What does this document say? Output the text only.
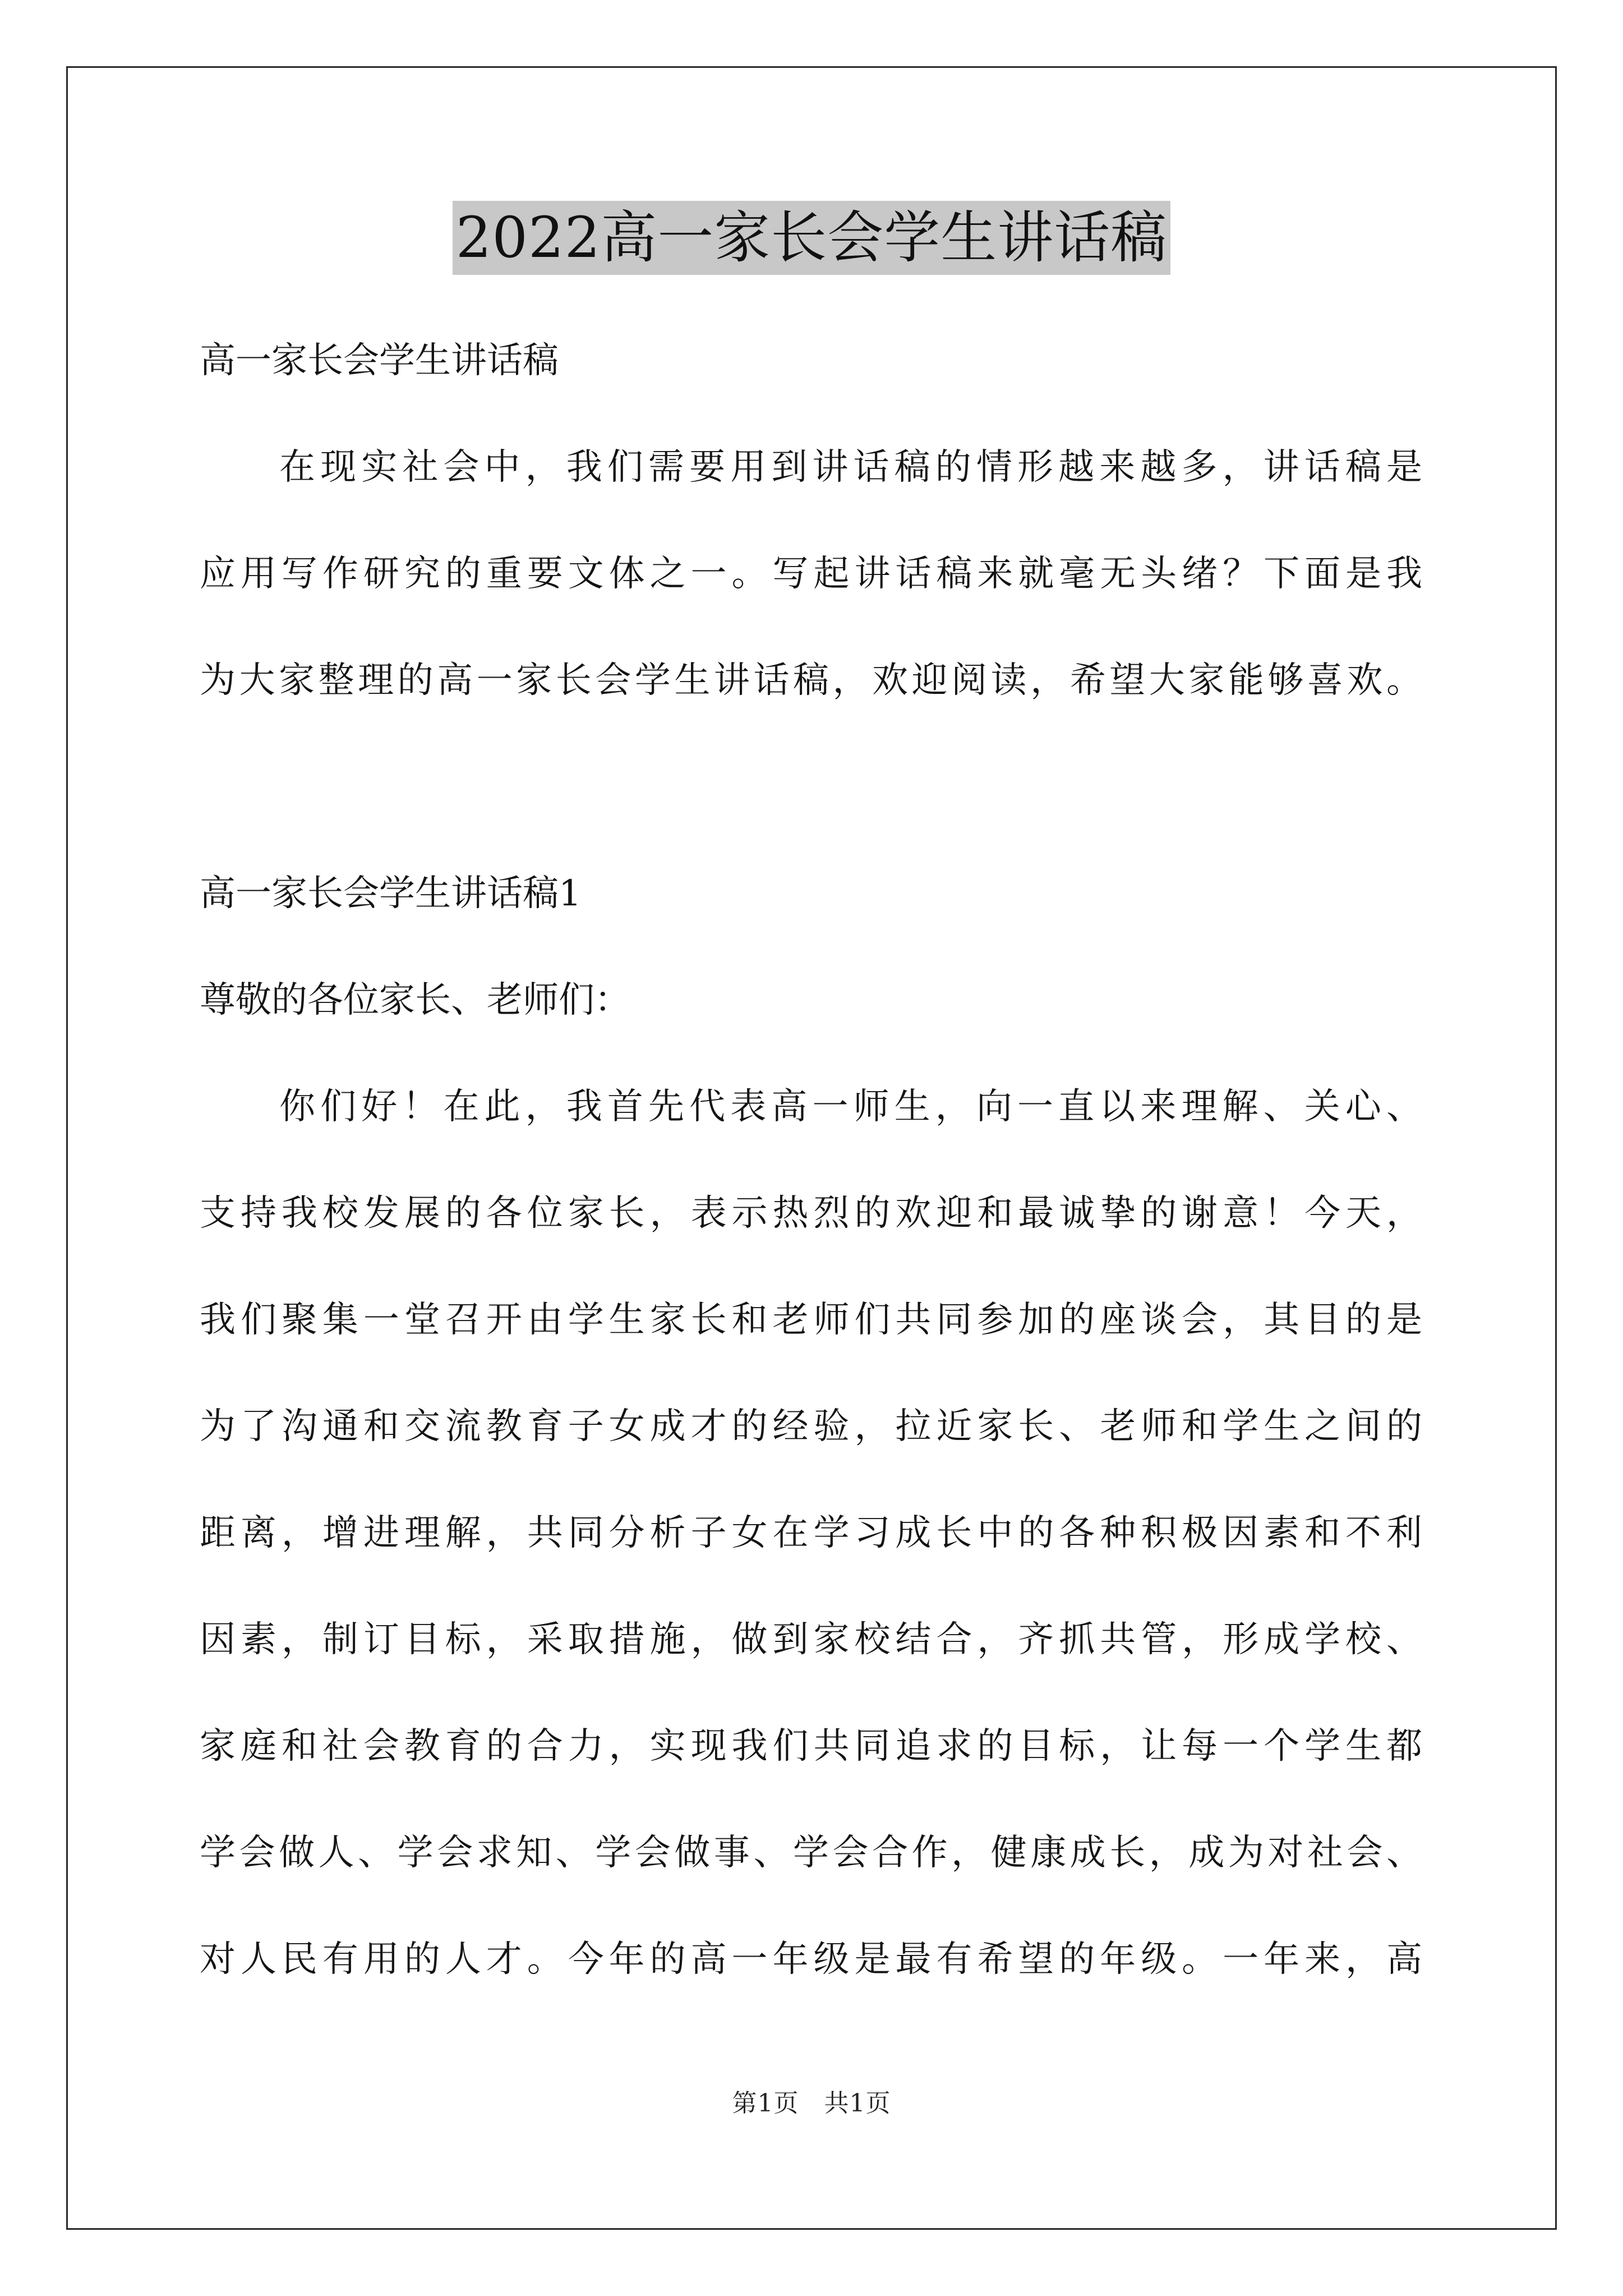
2022高一家长会学生讲话稿
高一家长会学生讲话稿
在现实社会中，我们需要用到讲话稿的情形越来越多，讲话稿是
应用写作研究的重要文体之一。写起讲话稿来就毫无头绪？下面是我
为大家整理的高一家长会学生讲话稿，欢迎阅读，希望大家能够喜欢。
高一家长会学生讲话稿1
尊敬的各位家长、老师们：
你们好！在此，我首先代表高一师生，向一直以来理解、关心、
支持我校发展的各位家长，表示热烈的欢迎和最诚挚的谢意！今天，
我们聚集一堂召开由学生家长和老师们共同参加的座谈会，其目的是
为了沟通和交流教育子女成才的经验，拉近家长、老师和学生之间的
距离，增进理解，共同分析子女在学习成长中的各种积极因素和不利
因素，制订目标，采取措施，做到家校结合，齐抓共管，形成学校、
家庭和社会教育的合力，实现我们共同追求的目标，让每一个学生都
学会做人、学会求知、学会做事、学会合作，健康成长，成为对社会、
对人民有用的人才。今年的高一年级是最有希望的年级。一年来，高
第1页　共1页
